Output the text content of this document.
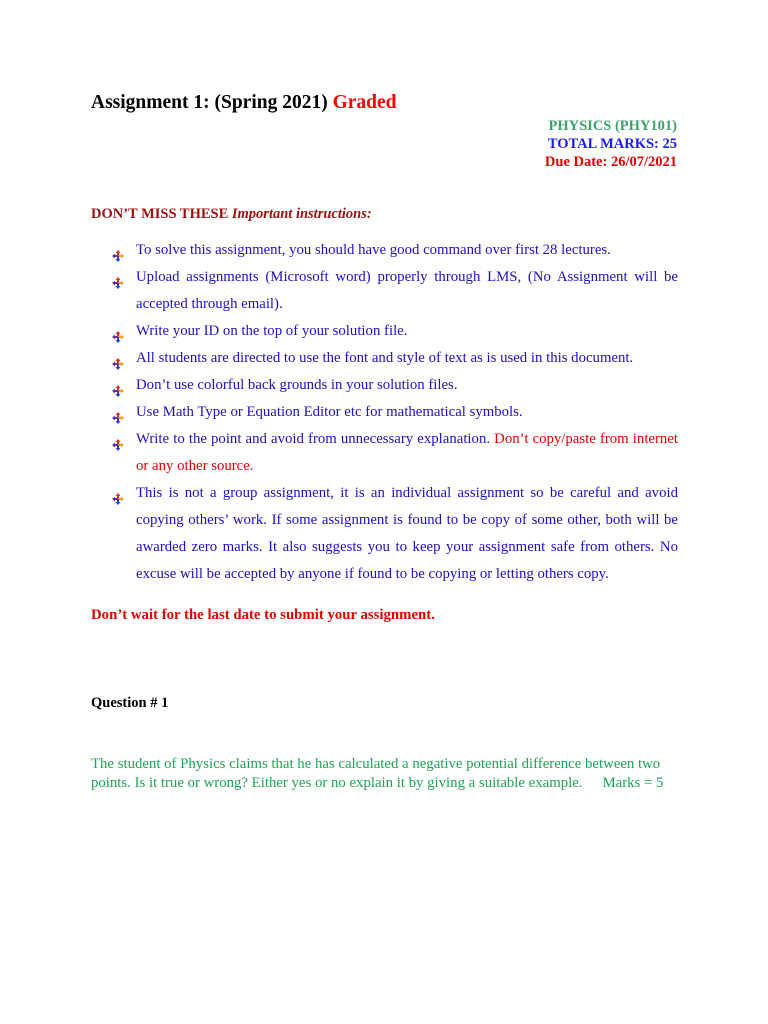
Assignment 1: (Spring 2021) Graded
PHYSICS (PHY101)
TOTAL MARKS: 25
Due Date: 26/07/2021
DON’T MISS THESE Important instructions:
To solve this assignment, you should have good command over first 28 lectures.
Upload assignments (Microsoft word) properly through LMS, (No Assignment will be accepted through email).
Write your ID on the top of your solution file.
All students are directed to use the font and style of text as is used in this document.
Don’t use colorful back grounds in your solution files.
Use Math Type or Equation Editor etc for mathematical symbols.
Write to the point and avoid from unnecessary explanation. Don’t copy/paste from internet or any other source.
This is not a group assignment, it is an individual assignment so be careful and avoid copying others’ work. If some assignment is found to be copy of some other, both will be awarded zero marks. It also suggests you to keep your assignment safe from others. No excuse will be accepted by anyone if found to be copying or letting others copy.
Don’t wait for the last date to submit your assignment.
Question # 1
The student of Physics claims that he has calculated a negative potential difference between two points. Is it true or wrong? Either yes or no explain it by giving a suitable example. Marks = 5
